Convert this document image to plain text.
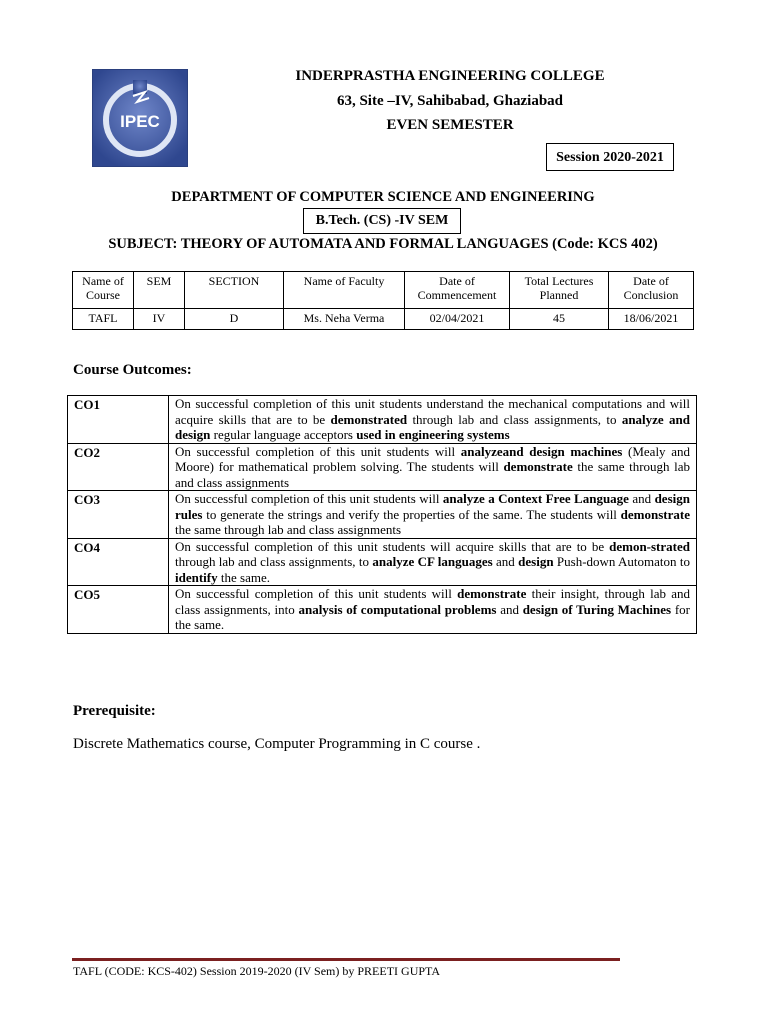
IPEC
INDERPRASTHA ENGINEERING COLLEGE
63, Site –IV, Sahibabad, Ghaziabad
EVEN SEMESTER
Session 2020-2021
DEPARTMENT OF COMPUTER SCIENCE AND ENGINEERING
B.Tech. (CS) -IV SEM
SUBJECT: THEORY OF AUTOMATA AND FORMAL LANGUAGES (Code: KCS 402)
Name of Course	SEM	SECTION	Name of Faculty	Date of Commencement	Total Lectures Planned	Date of Conclusion
TAFL	IV	D	Ms. Neha Verma	02/04/2021	45	18/06/2021
Course Outcomes:
CO1	On successful completion of this unit students understand the mechanical computations and will acquire skills that are to be demonstrated through lab and class assignments, to analyze and design regular language acceptors used in engineering systems
CO2	On successful completion of this unit students will analyzeand design machines (Mealy and Moore) for mathematical problem solving. The students will demonstrate the same through lab and class assignments
CO3	On successful completion of this unit students will analyze a Context Free Language and design rules to generate the strings and verify the properties of the same. The students will demonstrate the same through lab and class assignments
CO4	On successful completion of this unit students will acquire skills that are to be demon-strated through lab and class assignments, to analyze CF languages and design Push-down Automaton to identify the same.
CO5	On successful completion of this unit students will demonstrate their insight, through lab and class assignments, into analysis of computational problems and design of Turing Machines for the same.
Prerequisite:
Discrete Mathematics course, Computer Programming in C course .
TAFL (CODE: KCS-402) Session 2019-2020 (IV Sem) by PREETI GUPTA
